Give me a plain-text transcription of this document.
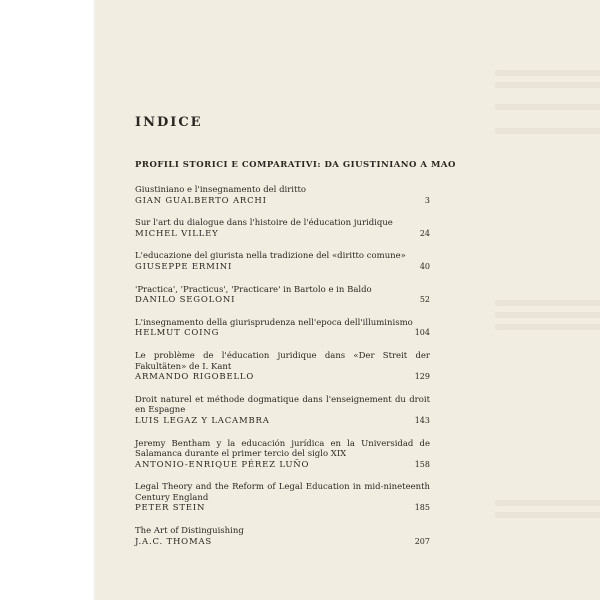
INDICE
PROFILI STORICI E COMPARATIVI: DA GIUSTINIANO A MAO
Giustiniano e l'insegnamento del diritto
GIAN GUALBERTO ARCHI	3
Sur l'art du dialogue dans l'histoire de l'éducation juridique
MICHEL VILLEY	24
L'educazione del giurista nella tradizione del «diritto comune»
GIUSEPPE ERMINI	40
'Practica', 'Practicus', 'Practicare' in Bartolo e in Baldo
DANILO SEGOLONI	52
L'insegnamento della giurisprudenza nell'epoca dell'illuminismo
HELMUT COING	104
Le problème de l'éducation juridique dans «Der Streit der Fakultäten» de I. Kant
ARMANDO RIGOBELLO	129
Droit naturel et méthode dogmatique dans l'enseignement du droit en Espagne
LUIS LEGAZ Y LACAMBRA	143
Jeremy Bentham y la educación jurídica en la Universidad de Salamanca durante el primer tercio del siglo XIX
ANTONIO-ENRIQUE PÉREZ LUÑO	158
Legal Theory and the Reform of Legal Education in mid-nineteenth Century England
PETER STEIN	185
The Art of Distinguishing
J.A.C. THOMAS	207
